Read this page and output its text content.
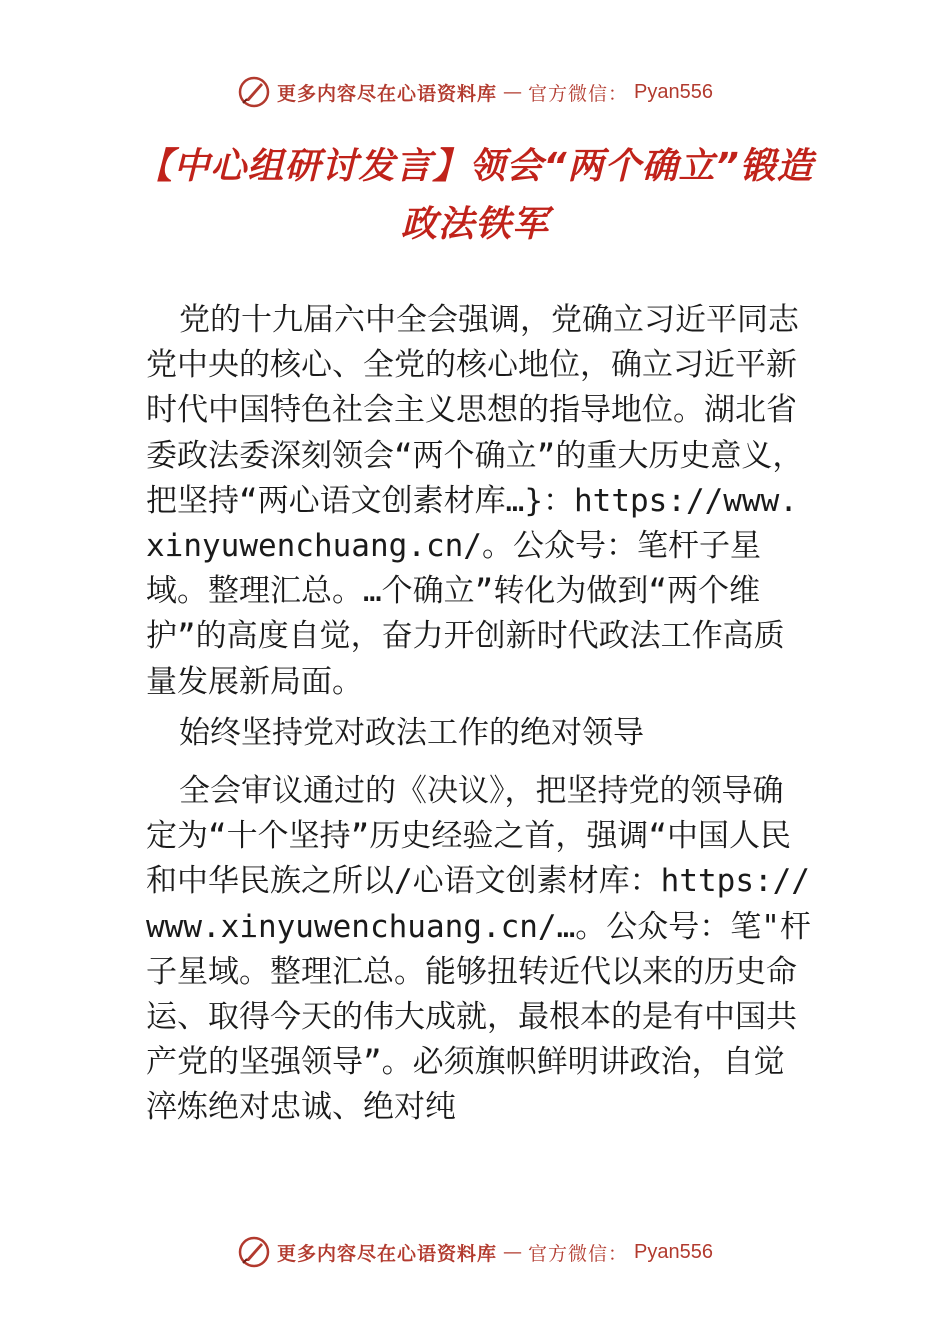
更多内容尽在心语资料库 — 官方微信： Pyan556
【中心组研讨发言】领会“两个确立”锻造政法铁军

党的十九届六中全会强调，党确立习近平同志党中央的核心、全党的核心地位，确立习近平新时代中国特色社会主义思想的指导地位。湖北省委政法委深刻领会“两个确立”的重大历史意义，把坚持“两心语文创素材库…}：https://www.xinyuwenchuang.cn/。公众号：笔杆子星域。整理汇总。…个确立”转化为做到“两个维护”的高度自觉，奋力开创新时代政法工作高质量发展新局面。

始终坚持党对政法工作的绝对领导

全会审议通过的《决议》，把坚持党的领导确定为“十个坚持”历史经验之首，强调“中国人民和中华民族之所以/心语文创素材库：https://www.xinyuwenchuang.cn/…。公众号：笔"杆子星域。整理汇总。能够扭转近代以来的历史命运、取得今天的伟大成就，最根本的是有中国共产党的坚强领导”。必须旗帜鲜明讲政治，自觉淬炼绝对忠诚、绝对纯

更多内容尽在心语资料库 — 官方微信： Pyan556
